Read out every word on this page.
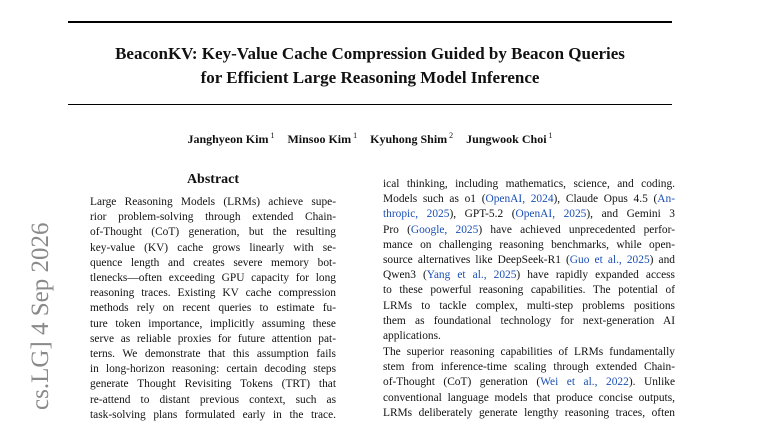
BeaconKV: Key-Value Cache Compression Guided by Beacon Queries
for Efficient Large Reasoning Model Inference
Janghyeon Kim $^1$ Minsoo Kim $^1$ Kyuhong Shim $^2$ Jungwook Choi $^1$
cs.LG] 4 Sep 2026
Abstract
Large Reasoning Models (LRMs) achieve supe-
rior problem-solving through extended Chain-
of-Thought (CoT) generation, but the resulting
key-value (KV) cache grows linearly with se-
quence length and creates severe memory bot-
tlenecks—often exceeding GPU capacity for long
reasoning traces. Existing KV cache compression
methods rely on recent queries to estimate fu-
ture token importance, implicitly assuming these
serve as reliable proxies for future attention pat-
terns. We demonstrate that this assumption fails
in long-horizon reasoning: certain decoding steps
generate Thought Revisiting Tokens (TRT) that
re-attend to distant previous context, such as
task-solving plans formulated early in the trace.
ical thinking, including mathematics, science, and coding.
Models such as o1 (OpenAI, 2024), Claude Opus 4.5 (An-
thropic, 2025), GPT-5.2 (OpenAI, 2025), and Gemini 3
Pro (Google, 2025) have achieved unprecedented perfor-
mance on challenging reasoning benchmarks, while open-
source alternatives like DeepSeek-R1 (Guo et al., 2025) and
Qwen3 (Yang et al., 2025) have rapidly expanded access
to these powerful reasoning capabilities. The potential of
LRMs to tackle complex, multi-step problems positions
them as foundational technology for next-generation AI
applications.
The superior reasoning capabilities of LRMs fundamentally
stem from inference-time scaling through extended Chain-
of-Thought (CoT) generation (Wei et al., 2022). Unlike
conventional language models that produce concise outputs,
LRMs deliberately generate lengthy reasoning traces, often
